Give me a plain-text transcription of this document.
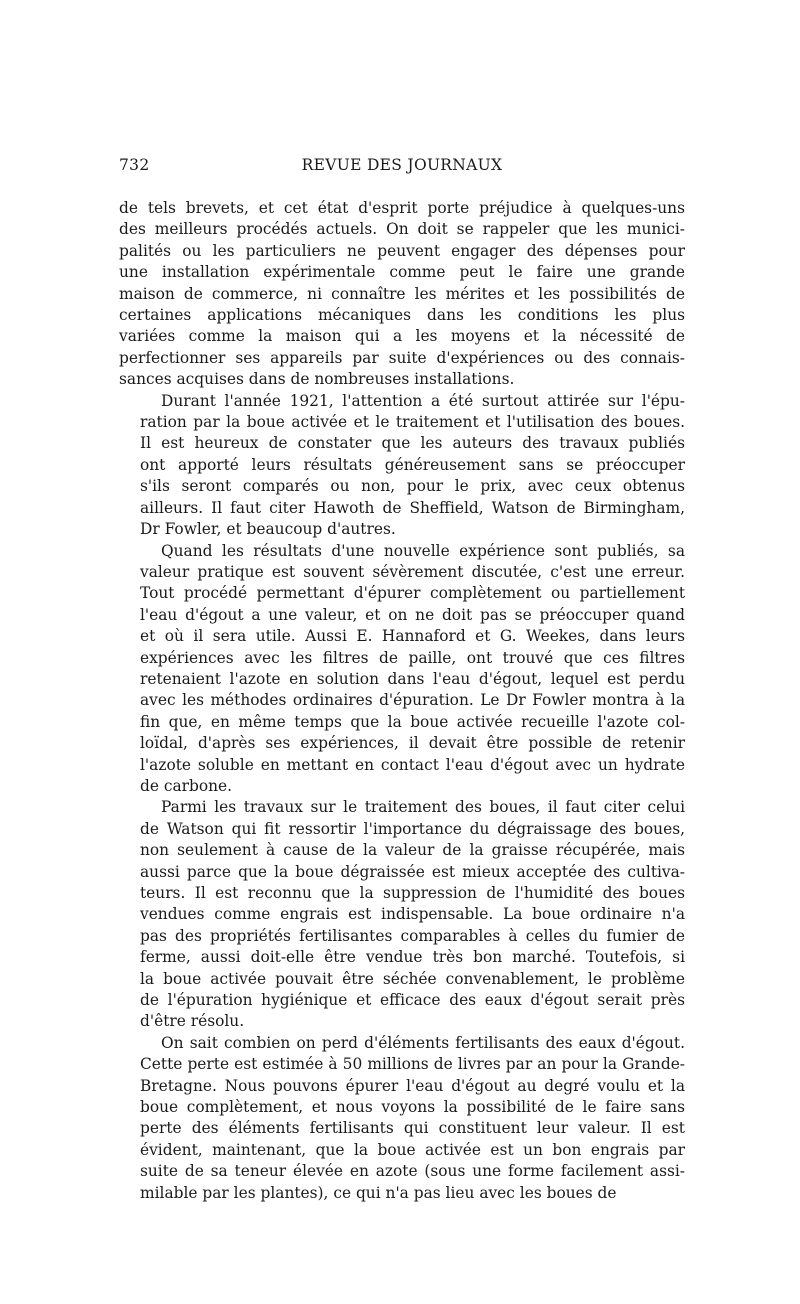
732	REVUE DES JOURNAUX
de tels brevets, et cet état d'esprit porte préjudice à quelques-uns
des meilleurs procédés actuels. On doit se rappeler que les munici-
palités ou les particuliers ne peuvent engager des dépenses pour
une installation expérimentale comme peut le faire une grande
maison de commerce, ni connaître les mérites et les possibilités de
certaines applications mécaniques dans les conditions les plus
variées comme la maison qui a les moyens et la nécessité de
perfectionner ses appareils par suite d'expériences ou des connais-
sances acquises dans de nombreuses installations.
Durant l'année 1921, l'attention a été surtout attirée sur l'épu-
ration par la boue activée et le traitement et l'utilisation des boues.
Il est heureux de constater que les auteurs des travaux publiés
ont apporté leurs résultats généreusement sans se préoccuper
s'ils seront comparés ou non, pour le prix, avec ceux obtenus
ailleurs. Il faut citer Hawoth de Sheffield, Watson de Birmingham,
Dr Fowler, et beaucoup d'autres.
Quand les résultats d'une nouvelle expérience sont publiés, sa
valeur pratique est souvent sévèrement discutée, c'est une erreur.
Tout procédé permettant d'épurer complètement ou partiellement
l'eau d'égout a une valeur, et on ne doit pas se préoccuper quand
et où il sera utile. Aussi E. Hannaford et G. Weekes, dans leurs
expériences avec les filtres de paille, ont trouvé que ces filtres
retenaient l'azote en solution dans l'eau d'égout, lequel est perdu
avec les méthodes ordinaires d'épuration. Le Dr Fowler montra à la
fin que, en même temps que la boue activée recueille l'azote col-
loïdal, d'après ses expériences, il devait être possible de retenir
l'azote soluble en mettant en contact l'eau d'égout avec un hydrate
de carbone.
Parmi les travaux sur le traitement des boues, il faut citer celui
de Watson qui fit ressortir l'importance du dégraissage des boues,
non seulement à cause de la valeur de la graisse récupérée, mais
aussi parce que la boue dégraissée est mieux acceptée des cultiva-
teurs. Il est reconnu que la suppression de l'humidité des boues
vendues comme engrais est indispensable. La boue ordinaire n'a
pas des propriétés fertilisantes comparables à celles du fumier de
ferme, aussi doit-elle être vendue très bon marché. Toutefois, si
la boue activée pouvait être séchée convenablement, le problème
de l'épuration hygiénique et efficace des eaux d'égout serait près
d'être résolu.
On sait combien on perd d'éléments fertilisants des eaux d'égout.
Cette perte est estimée à 50 millions de livres par an pour la Grande-
Bretagne. Nous pouvons épurer l'eau d'égout au degré voulu et la
boue complètement, et nous voyons la possibilité de le faire sans
perte des éléments fertilisants qui constituent leur valeur. Il est
évident, maintenant, que la boue activée est un bon engrais par
suite de sa teneur élevée en azote (sous une forme facilement assi-
milable par les plantes), ce qui n'a pas lieu avec les boues de
